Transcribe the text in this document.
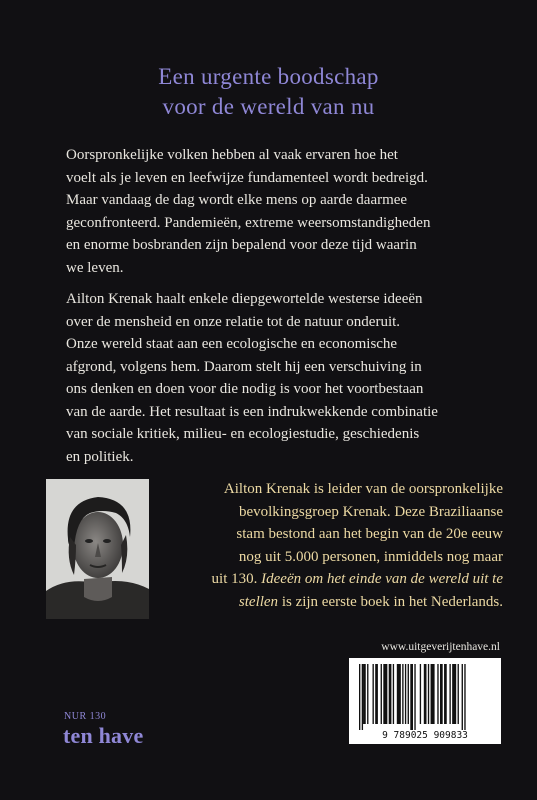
Een urgente boodschap
voor de wereld van nu
Oorspronkelijke volken hebben al vaak ervaren hoe het
voelt als je leven en leefwijze fundamenteel wordt bedreigd.
Maar vandaag de dag wordt elke mens op aarde daarmee
geconfronteerd. Pandemieën, extreme weersomstandigheden
en enorme bosbranden zijn bepalend voor deze tijd waarin
we leven.
Ailton Krenak haalt enkele diepgewortelde westerse ideeën
over de mensheid en onze relatie tot de natuur onderuit.
Onze wereld staat aan een ecologische en economische
afgrond, volgens hem. Daarom stelt hij een verschuiving in
ons denken en doen voor die nodig is voor het voortbestaan
van de aarde. Het resultaat is een indrukwekkende combinatie
van sociale kritiek, milieu- en ecologiestudie, geschiedenis
en politiek.
Ailton Krenak is leider van de oorspronkelijke
bevolkingsgroep Krenak. Deze Braziliaanse
stam bestond aan het begin van de 20e eeuw
nog uit 5.000 personen, inmiddels nog maar
uit 130. Ideeën om het einde van de wereld uit te
stellen is zijn eerste boek in het Nederlands.
www.uitgeverijtenhave.nl
9 789025 909833
NUR 130
ten have
